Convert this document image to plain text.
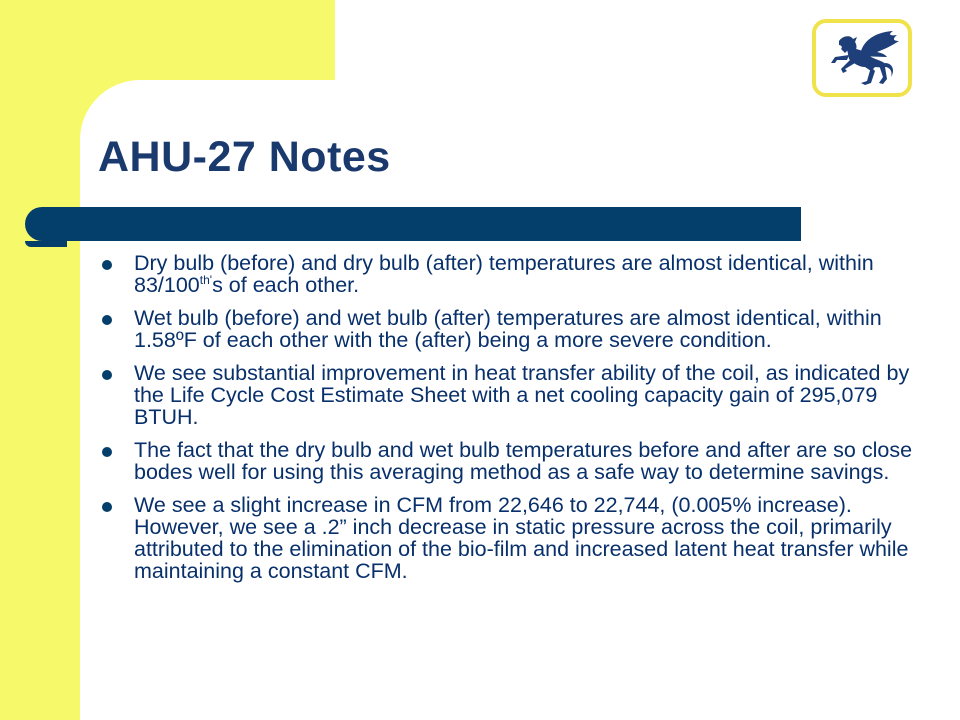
AHU-27 Notes
Dry bulb (before) and dry bulb (after) temperatures are almost identical, within $83/100^{th'}s$ of each other.
Wet bulb (before) and wet bulb (after) temperatures are almost identical, within 1.58ºF of each other with the (after) being a more severe condition.
We see substantial improvement in heat transfer ability of the coil, as indicated by the Life Cycle Cost Estimate Sheet with a net cooling capacity gain of 295,079 BTUH.
The fact that the dry bulb and wet bulb temperatures before and after are so close bodes well for using this averaging method as a safe way to determine savings.
We see a slight increase in CFM from 22,646 to 22,744, (0.005% increase). However, we see a .2” inch decrease in static pressure across the coil, primarily attributed to the elimination of the bio-film and increased latent heat transfer while maintaining a constant CFM.
